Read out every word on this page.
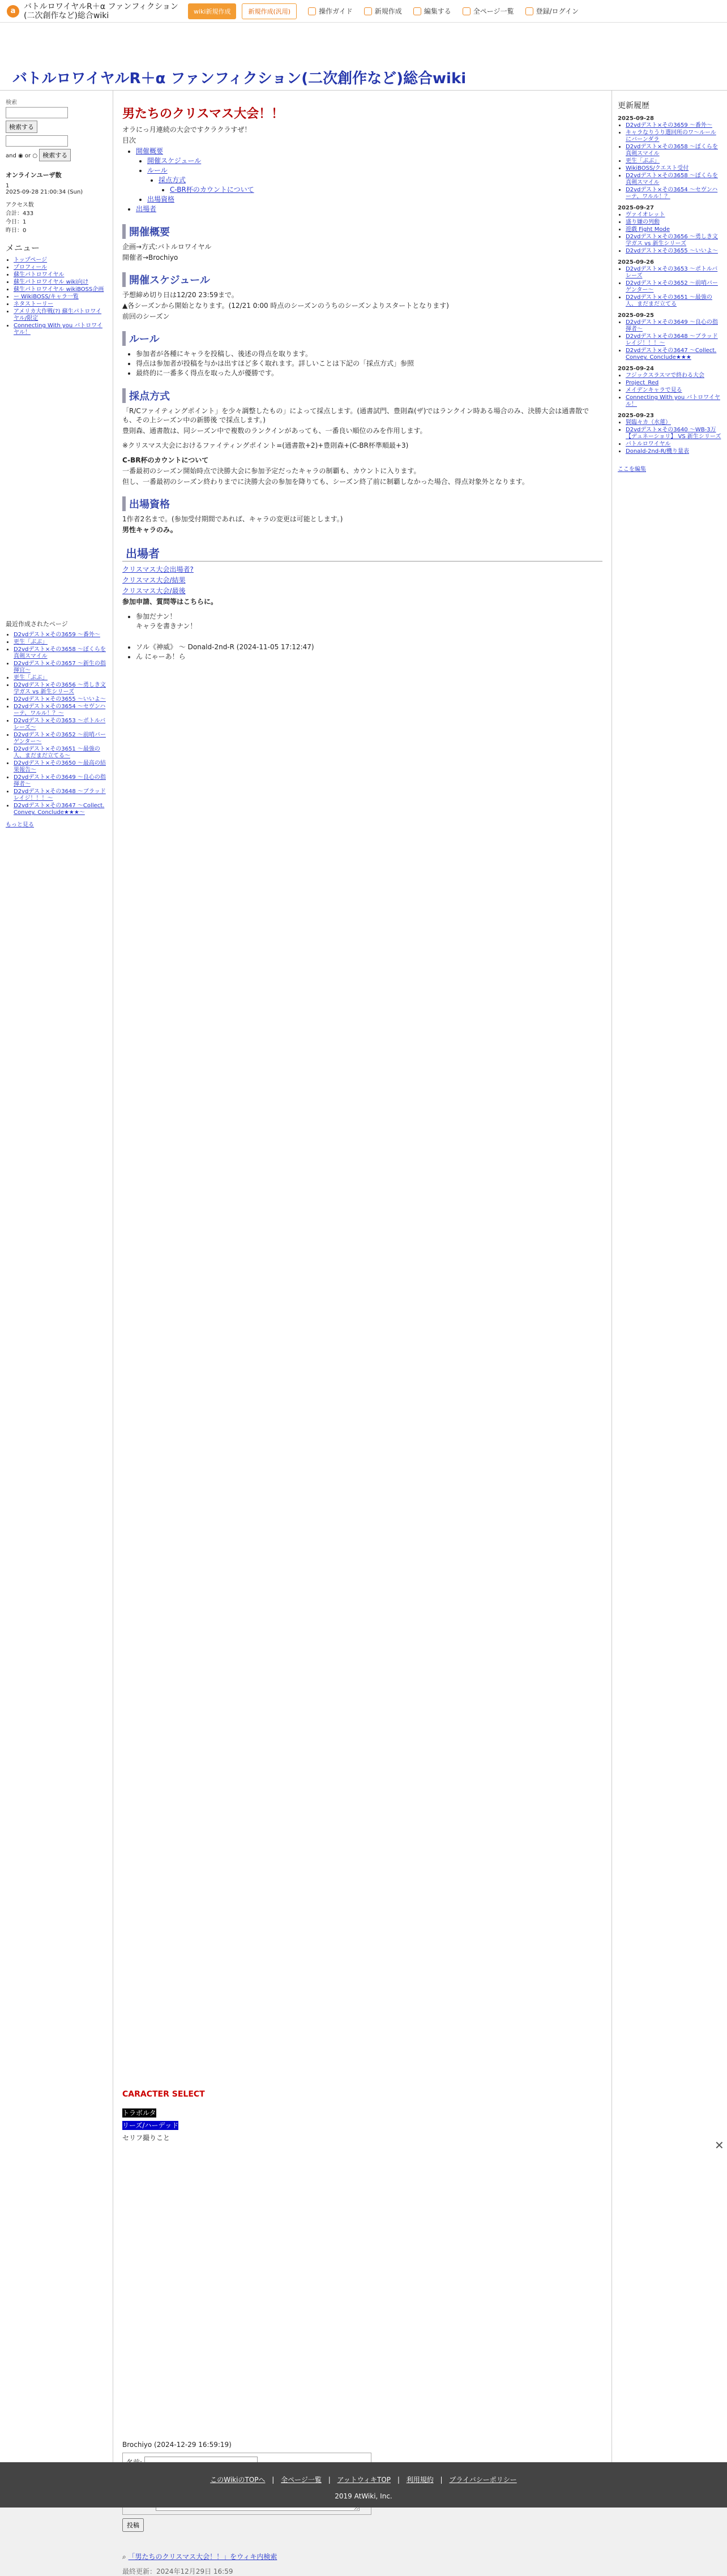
a	バトルロワイヤルR＋α ファンフィクション(二次創作など)総合wiki	wiki新規作成	新規作成(汎用)	操作ガイド	新規作成	編集する	全ページ一覧	登録/ログイン
バトルロワイヤルR＋α ファンフィクション(二次創作など)総合wiki
検索
検索する
and ◉ or ○ 検索する
オンラインユーザ数
1
2025-09-28 21:00:34 (Sun)
アクセス数
合計：433
今日：1
昨日：0
メニュー
• トップページ
• プロフィール
• 蘇生パトロワイヤル
• 蘇生パトロワイヤル wiki向け
• 蘇生パトロワイヤル wikiBOSS企画
• ー WikiBOSS/キャラ一覧
• ネタストーリー
• アメリカ大作戦(?) 蘇生パトロワイヤル/限定
• Connecting With you バトロワイヤル！
最近作成されたページ
• D2vdデスト×その3659 ～番外～
• 更生「ぶぶ」
• D2vdデスト×その3658 ～ぼくらを真剣スマイル
• D2vdデスト×その3657 ～新生の指揮官～
• 更生「ぶぶ」
• D2vdデスト×その3656 ～勇しき文学ガス vs 新生シリーズ
• D2vdデスト×その3655 ～いいよ～
• D2vdデスト×その3654 ～セヴンハーテ、ワルル！？～
• D2vdデスト×その3653 ～ポトルバレーズ～
• D2vdデスト×その3652 ～前哨バーゲンター～
• D2vdデスト×その3651 ～最強の人、まだまだ立てる～
• D2vdデスト×その3650 ～最高の結果報告～
• D2vdデスト×その3649 ～良心の指揮者～
• D2vdデスト×その3648 ～ブラッドレイジ！！！～
• D2vdデスト×その3647 ～Collect. Convey. Conclude★★★～
もっと見る
男たちのクリスマス大会！！

オラにっ月連続の大会ですクラクラすぜ！

目次

• 開催概要
• 開催スケジュール
• ルール
• 採点方式
• C-BR杯のカウントについて
• 出場資格
• 出場者
開催概要

企画→方式:バトルロワイヤル

開催者→Brochiyo

開催スケジュール

予想締め切り日は12/20 23:59まで。

▲各シーズンから開始となります。(12/21 0:00 時点のシーズンのうちのシーズンよりスタートとなります)

前回のシーズン

ルール
• 参加者が各種にキャラを投稿し、後述の得点を取ります。
• 得点は参加者が投稿を与かは出すほど多く取れます。詳しいことは下記の「採点方式」参照
• 最終的に一番多く得点を取った人が優勝です。
採点方式

「R/Cファイティングポイント」を少々調整したもの」によって採点します。(通書試門、豊則森(ザ)ではランクイン時ある場合のみ、決勝大会は通書散でも、その上シーズン中の新勝後 で採点します。)

豊則森、通書散は、同シーズン中で複数のランクインがあっても、一番良い順位のみを作用します。

※クリスマス大会におけるファイティングポイント=(通書散+2)+豊則森+(C-BR杯準順最+3)

C-BR杯のカウントについて

一番最初のシーズン開始時点で決勝大会に参加予定だったキャラの制覇も、カウントに入ります。

但し、一番最初のシーズン終わりまでに決勝大会の参加を降りても、シーズン終了前に制覇しなかった場合、得点対象外となります。

出場資格

1作者2名まで。(参加受付期間であれば、キャラの変更は可能とします。)

男性キャラのみ。

出場者

クリスマス大会出場者?

クリスマス大会/結果

クリスマス大会/最後

参加申請、質問等はこちらに。

• 参加だナン！
キャラを書きナン！
• ソル《神威》 ～ Donald-2nd-R (2024-11-05 17:12:47)
• ん にゃーあ！ら

CARACTER SELECT

トラボルタ

リーズ/ハーデッド

セリフ撮りこと

Brochiyo (2024-12-29 16:59:19)

投稿

⌕ 「男たちのクリスマス大会！！」をウィキ内検索

最終更新：2024年12月29日 16:59

更新履歴
2025-09-28
• D2vdデスト×その3659 ～番外～
• キャラなりうり選回所のワ～ルールにバーンダラ
• D2vdデスト×その3658 ～ぼくらを真剣スマイル
• 更生「ぶぶ」
• WikiBOSS/クエスト受付
• D2vdデスト×その3658 ～ぼくらを真剣スマイル
• D2vdデスト×その3654 ～セヴンハーテ、ワルル！？
2025-09-27
• ヴァイオレット
• 盛り嫌の列動
• 遊戯 Fight Mode
• D2vdデスト×その3656 ～勇しき文学ガス vs 新生シリーズ
• D2vdデスト×その3655 ～いいよ～
2025-09-26
• D2vdデスト×その3653 ～ポトルバレーズ
• D2vdデスト×その3652 ～前哨バーゲンター～
• D2vdデスト×その3651 ～最強の人、まだまだ立てる
2025-09-25
• D2vdデスト×その3649 ～良心の指揮者～
• D2vdデスト×その3648 ～ブラッドレイジ！！！～
• D2vdデスト×その3647 ～Collect. Convey. Conclude★★★
2025-09-24
• フジックスラスマで終わる大会
• Project_Red
• メイデンキャラで見る
• Connecting With you バトロワイヤル！
2025-09-23
• 賢臨々カ（水蓮）
• D2vdデスト×その3640 ～WB-3万【デュネーショリ】 VS 新生シリーズ
• バトルロワイヤル
• Donald-2nd-R/機り量表

ここを編集

✕
このWikiのTOPへ | 全ページ一覧 | アットウィキTOP | 利用規約 | プライバシーポリシー
2019 AtWiki, Inc.
